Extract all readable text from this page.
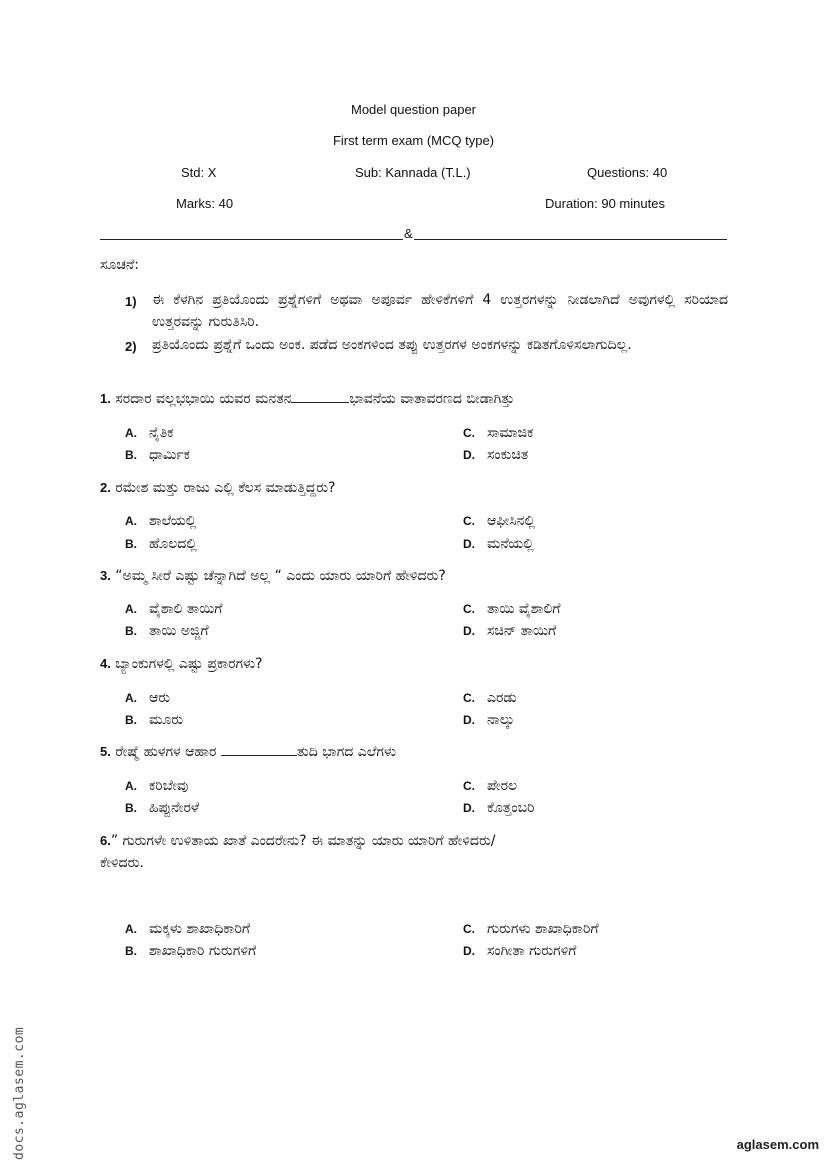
Model question paper
First term exam (MCQ type)
Std: X	Sub: Kannada (T.L.)	Questions: 40
Marks: 40	Duration: 90 minutes
&
ಸೂಚನೆ:
1) ಈ ಕೆಳಗಿನ ಪ್ರತಿಯೊಂದು ಪ್ರಶ್ನೆಗಳಿಗೆ ಅಥವಾ ಅಪೂರ್ವ ಹೇಳಿಕೆಗಳಿಗೆ 4 ಉತ್ತರಗಳನ್ನು ನೀಡಲಾಗಿದೆ ಅವುಗಳಲ್ಲಿ ಸರಿಯಾದ ಉತ್ತರವನ್ನು ಗುರುತಿಸಿರಿ.
2) ಪ್ರತಿಯೊಂದು ಪ್ರಶ್ನೆಗೆ ಒಂದು ಅಂಕ. ಪಡೆದ ಅಂಕಗಳಿಂದ ತಪ್ಪು ಉತ್ತರಗಳ ಅಂಕಗಳನ್ನು ಕಡಿತಗೊಳಿಸಲಾಗುದಿಲ್ಲ.
1. ಸರದಾರ ವಲ್ಲಭಭಾಯಿ ಯವರ ಮನತನ	ಭಾವನೆಯ ವಾತಾವರಣದ ಬೀಡಾಗಿತ್ತು
A. ನೈತಿಕ
B. ಧಾರ್ಮಿಕ
C. ಸಾಮಾಜಿಕ
D. ಸಂಕುಚಿತ
2. ರಮೇಶ ಮತ್ತು ರಾಜು ಎಲ್ಲಿ ಕೆಲಸ ಮಾಡುತ್ತಿದ್ದರು?
A. ಶಾಲೆಯಲ್ಲಿ
B. ಹೊಲದಲ್ಲಿ
C. ಆಫೀಸಿನಲ್ಲಿ
D. ಮನೆಯಲ್ಲಿ
3. “ಅಮ್ಮ ಸೀರೆ ಎಷ್ಟು ಚೆನ್ನಾಗಿದೆ ಅಲ್ಲ “ ಎಂದು ಯಾರು ಯಾರಿಗೆ ಹೇಳಿದರು?
A. ವೈಶಾಲಿ ತಾಯಿಗೆ
B. ತಾಯಿ ಅಜ್ಜಿಗೆ
C. ತಾಯಿ ವೈಶಾಲಿಗೆ
D. ಸಚಿನ್ ತಾಯಿಗೆ
4. ಬ್ಯಾಂಕುಗಳಲ್ಲಿ ಎಷ್ಟು ಪ್ರಕಾರಗಳು?
A. ಆರು
B. ಮೂರು
C. ಎರಡು
D. ನಾಲ್ಕು
5. ರೇಷ್ಮೆ ಹುಳಗಳ ಆಹಾರ	ತುದಿ ಭಾಗದ ಎಲೆಗಳು
A. ಕರಿಬೇವು
B. ಹಿಪ್ಪುನೇರಳೆ
C. ಪೇರಲ
D. ಕೊತ್ತಂಬರಿ
6.” ಗುರುಗಳೇ ಉಳಿತಾಯ ಖಾತೆ ಎಂದರೇನು? ಈ ಮಾತನ್ನು ಯಾರು ಯಾರಿಗೆ ಹೇಳಿದರು/
ಕೇಳಿದರು.
A. ಮಕ್ಕಳು ಶಾಖಾಧಿಕಾರಿಗೆ
B. ಶಾಖಾಧಿಕಾರಿ ಗುರುಗಳಿಗೆ
C. ಗುರುಗಳು ಶಾಖಾಧಿಕಾರಿಗೆ
D. ಸಂಗೀತಾ ಗುರುಗಳಿಗೆ
docs.aglasem.com	aglasem.com
